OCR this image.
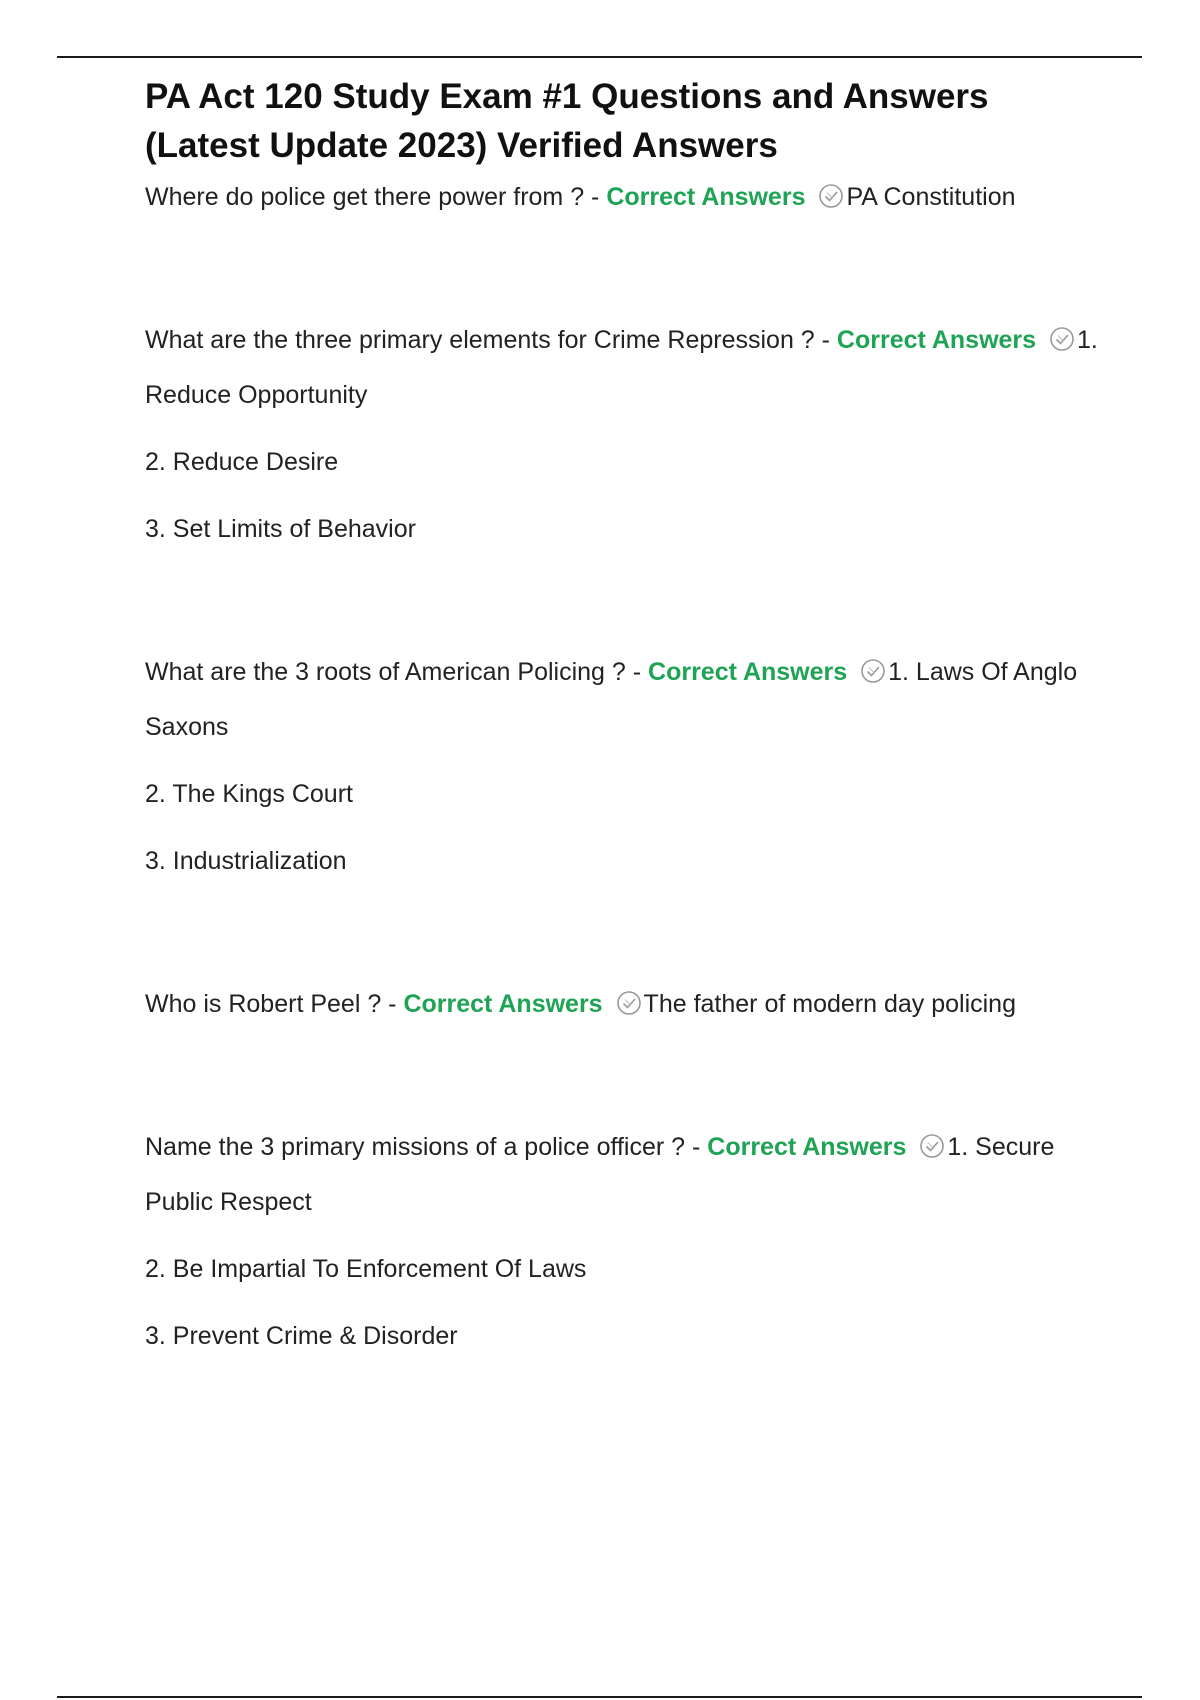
PA Act 120 Study Exam #1 Questions and Answers (Latest Update 2023) Verified Answers

Where do police get there power from ? - Correct Answers PA Constitution

What are the three primary elements for Crime Repression ? - Correct Answers 1. Reduce Opportunity

2. Reduce Desire

3. Set Limits of Behavior

What are the 3 roots of American Policing ? - Correct Answers 1. Laws Of Anglo Saxons

2. The Kings Court

3. Industrialization

Who is Robert Peel ? - Correct Answers The father of modern day policing

Name the 3 primary missions of a police officer ? - Correct Answers 1. Secure Public Respect

2. Be Impartial To Enforcement Of Laws

3. Prevent Crime & Disorder
